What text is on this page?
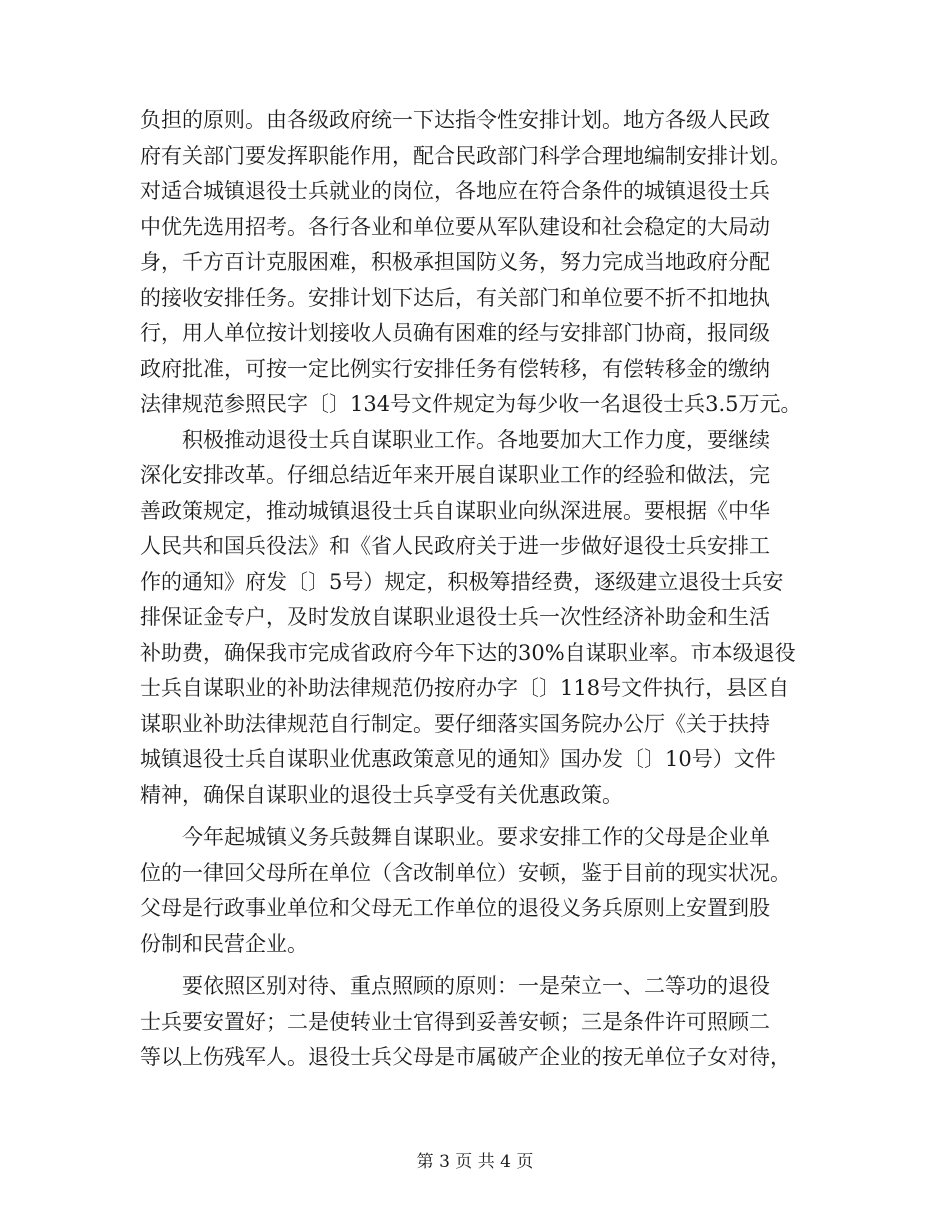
负担的原则。由各级政府统一下达指令性安排计划。地方各级人民政
府有关部门要发挥职能作用，配合民政部门科学合理地编制安排计划。
对适合城镇退役士兵就业的岗位，各地应在符合条件的城镇退役士兵
中优先选用招考。各行各业和单位要从军队建设和社会稳定的大局动
身，千方百计克服困难，积极承担国防义务，努力完成当地政府分配
的接收安排任务。安排计划下达后，有关部门和单位要不折不扣地执
行，用人单位按计划接收人员确有困难的经与安排部门协商，报同级
政府批准，可按一定比例实行安排任务有偿转移，有偿转移金的缴纳
法律规范参照民字〔〕134号文件规定为每少收一名退役士兵3.5万元。
积极推动退役士兵自谋职业工作。各地要加大工作力度，要继续
深化安排改革。仔细总结近年来开展自谋职业工作的经验和做法，完
善政策规定，推动城镇退役士兵自谋职业向纵深进展。要根据《中华
人民共和国兵役法》和《省人民政府关于进一步做好退役士兵安排工
作的通知》府发〔〕5号）规定，积极筹措经费，逐级建立退役士兵安
排保证金专户，及时发放自谋职业退役士兵一次性经济补助金和生活
补助费，确保我市完成省政府今年下达的30%自谋职业率。市本级退役
士兵自谋职业的补助法律规范仍按府办字〔〕118号文件执行，县区自
谋职业补助法律规范自行制定。要仔细落实国务院办公厅《关于扶持
城镇退役士兵自谋职业优惠政策意见的通知》国办发〔〕10号）文件
精神，确保自谋职业的退役士兵享受有关优惠政策。
今年起城镇义务兵鼓舞自谋职业。要求安排工作的父母是企业单
位的一律回父母所在单位（含改制单位）安顿，鉴于目前的现实状况。
父母是行政事业单位和父母无工作单位的退役义务兵原则上安置到股
份制和民营企业。
要依照区别对待、重点照顾的原则：一是荣立一、二等功的退役
士兵要安置好；二是使转业士官得到妥善安顿；三是条件许可照顾二
等以上伤残军人。退役士兵父母是市属破产企业的按无单位子女对待，
第 3 页 共 4 页
